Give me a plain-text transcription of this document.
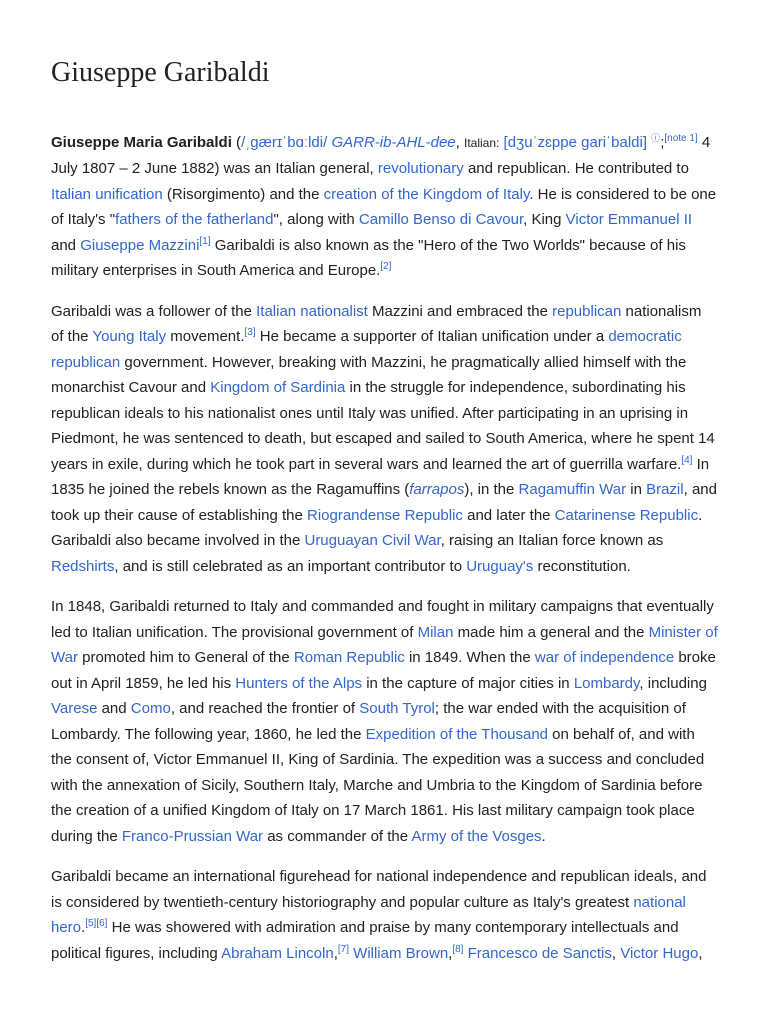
Giuseppe Garibaldi

Giuseppe Maria Garibaldi (/ˌɡærɪˈbɑːldi/ GARR-ib-AHL-dee, Italian: [dʒuˈzɛppe ɡariˈbaldi] ⓘ;[note 1] 4 July 1807 – 2 June 1882) was an Italian general, revolutionary and republican. He contributed to Italian unification (Risorgimento) and the creation of the Kingdom of Italy. He is considered to be one of Italy's "fathers of the fatherland", along with Camillo Benso di Cavour, King Victor Emmanuel II and Giuseppe Mazzini[1] Garibaldi is also known as the "Hero of the Two Worlds" because of his military enterprises in South America and Europe.[2]

Garibaldi was a follower of the Italian nationalist Mazzini and embraced the republican nationalism of the Young Italy movement.[3] He became a supporter of Italian unification under a democratic republican government. However, breaking with Mazzini, he pragmatically allied himself with the monarchist Cavour and Kingdom of Sardinia in the struggle for independence, subordinating his republican ideals to his nationalist ones until Italy was unified. After participating in an uprising in Piedmont, he was sentenced to death, but escaped and sailed to South America, where he spent 14 years in exile, during which he took part in several wars and learned the art of guerrilla warfare.[4] In 1835 he joined the rebels known as the Ragamuffins (farrapos), in the Ragamuffin War in Brazil, and took up their cause of establishing the Riograndense Republic and later the Catarinense Republic. Garibaldi also became involved in the Uruguayan Civil War, raising an Italian force known as Redshirts, and is still celebrated as an important contributor to Uruguay's reconstitution.

In 1848, Garibaldi returned to Italy and commanded and fought in military campaigns that eventually led to Italian unification. The provisional government of Milan made him a general and the Minister of War promoted him to General of the Roman Republic in 1849. When the war of independence broke out in April 1859, he led his Hunters of the Alps in the capture of major cities in Lombardy, including Varese and Como, and reached the frontier of South Tyrol; the war ended with the acquisition of Lombardy. The following year, 1860, he led the Expedition of the Thousand on behalf of, and with the consent of, Victor Emmanuel II, King of Sardinia. The expedition was a success and concluded with the annexation of Sicily, Southern Italy, Marche and Umbria to the Kingdom of Sardinia before the creation of a unified Kingdom of Italy on 17 March 1861. His last military campaign took place during the Franco-Prussian War as commander of the Army of the Vosges.

Garibaldi became an international figurehead for national independence and republican ideals, and is considered by twentieth-century historiography and popular culture as Italy's greatest national hero.[5][6] He was showered with admiration and praise by many contemporary intellectuals and political figures, including Abraham Lincoln,[7] William Brown,[8] Francesco de Sanctis, Victor Hugo,
